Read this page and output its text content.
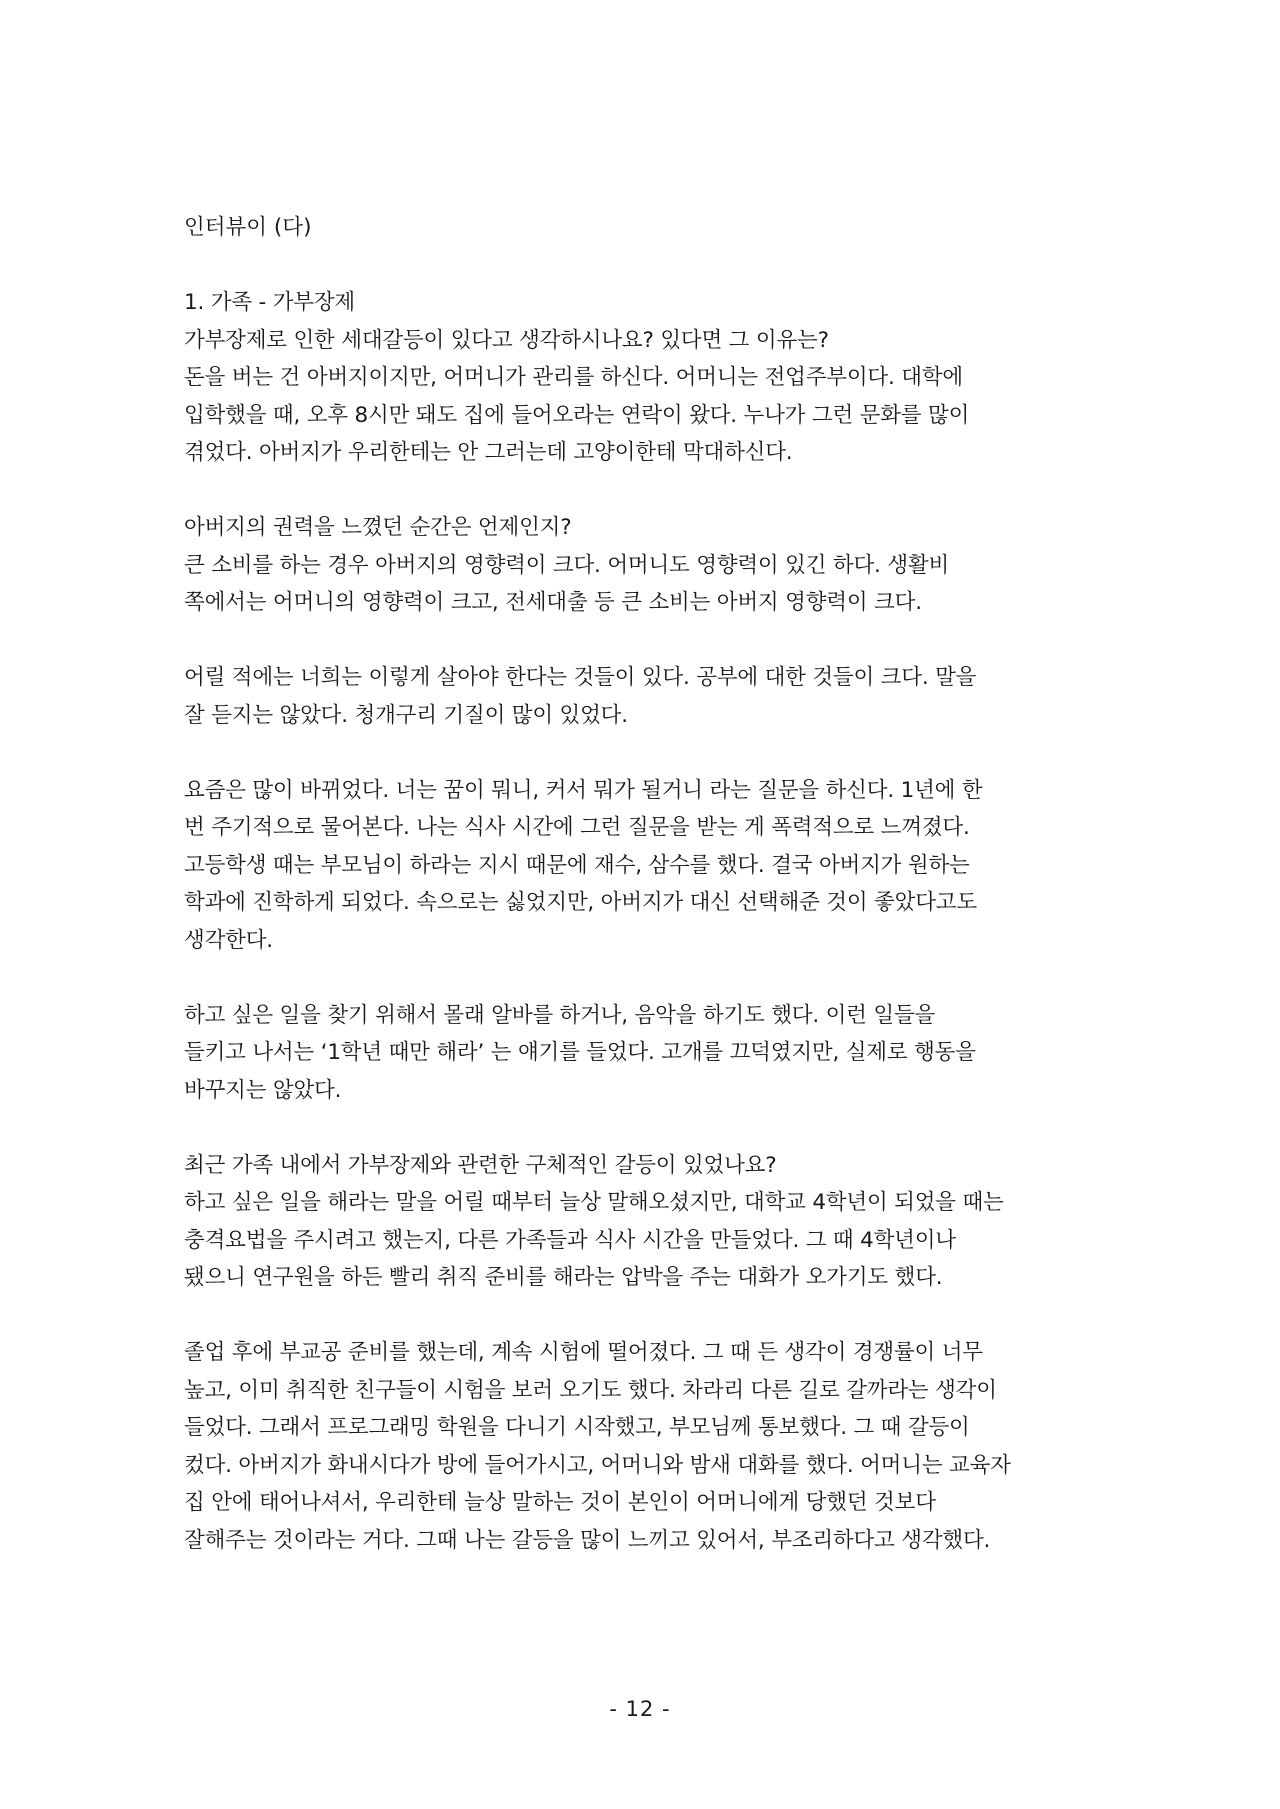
인터뷰이 (다)
1. 가족 - 가부장제
가부장제로 인한 세대갈등이 있다고 생각하시나요? 있다면 그 이유는?
돈을 버는 건 아버지이지만, 어머니가 관리를 하신다. 어머니는 전업주부이다. 대학에
입학했을 때, 오후 8시만 돼도 집에 들어오라는 연락이 왔다. 누나가 그런 문화를 많이
겪었다. 아버지가 우리한테는 안 그러는데 고양이한테 막대하신다.
아버지의 권력을 느꼈던 순간은 언제인지?
큰 소비를 하는 경우 아버지의 영향력이 크다. 어머니도 영향력이 있긴 하다. 생활비
쪽에서는 어머니의 영향력이 크고, 전세대출 등 큰 소비는 아버지 영향력이 크다.
어릴 적에는 너희는 이렇게 살아야 한다는 것들이 있다. 공부에 대한 것들이 크다. 말을
잘 듣지는 않았다. 청개구리 기질이 많이 있었다.
요즘은 많이 바뀌었다. 너는 꿈이 뭐니, 커서 뭐가 될거니 라는 질문을 하신다. 1년에 한
번 주기적으로 물어본다. 나는 식사 시간에 그런 질문을 받는 게 폭력적으로 느껴졌다.
고등학생 때는 부모님이 하라는 지시 때문에 재수, 삼수를 했다. 결국 아버지가 원하는
학과에 진학하게 되었다. 속으로는 싫었지만, 아버지가 대신 선택해준 것이 좋았다고도
생각한다.
하고 싶은 일을 찾기 위해서 몰래 알바를 하거나, 음악을 하기도 했다. 이런 일들을
들키고 나서는 ‘1학년 때만 해라’ 는 얘기를 들었다. 고개를 끄덕였지만, 실제로 행동을
바꾸지는 않았다.
최근 가족 내에서 가부장제와 관련한 구체적인 갈등이 있었나요?
하고 싶은 일을 해라는 말을 어릴 때부터 늘상 말해오셨지만, 대학교 4학년이 되었을 때는
충격요법을 주시려고 했는지, 다른 가족들과 식사 시간을 만들었다. 그 때 4학년이나
됐으니 연구원을 하든 빨리 취직 준비를 해라는 압박을 주는 대화가 오가기도 했다.
졸업 후에 부교공 준비를 했는데, 계속 시험에 떨어졌다. 그 때 든 생각이 경쟁률이 너무
높고, 이미 취직한 친구들이 시험을 보러 오기도 했다. 차라리 다른 길로 갈까라는 생각이
들었다. 그래서 프로그래밍 학원을 다니기 시작했고, 부모님께 통보했다. 그 때 갈등이
컸다. 아버지가 화내시다가 방에 들어가시고, 어머니와 밤새 대화를 했다. 어머니는 교육자
집 안에 태어나셔서, 우리한테 늘상 말하는 것이 본인이 어머니에게 당했던 것보다
잘해주는 것이라는 거다. 그때 나는 갈등을 많이 느끼고 있어서, 부조리하다고 생각했다.
- 12 -
